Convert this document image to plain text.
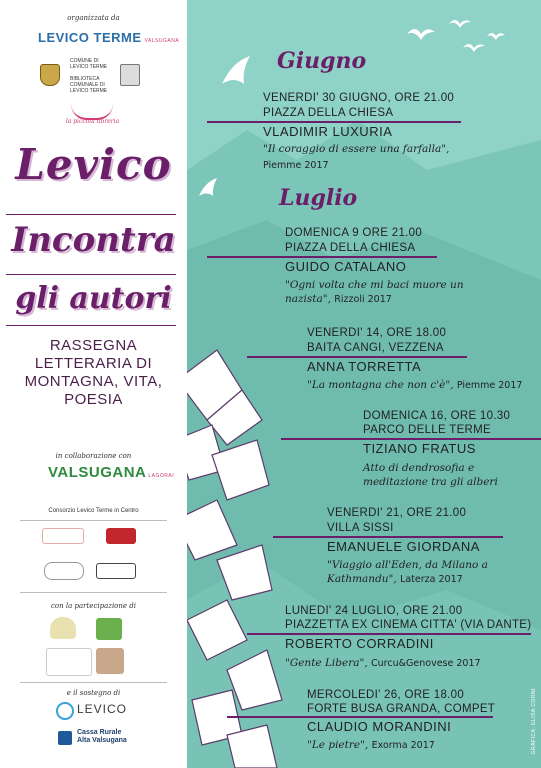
organizzata da
LEVICO TERME VALSUGANA
COMUNE DI
LEVICO TERME
BIBLIOTECA
COMUNALE DI
LEVICO TERME
la piccola libreria
Levico
Incontra
gli autori
RASSEGNA
LETTERARIA DI
MONTAGNA, VITA,
POESIA
in collaborazione con
VALSUGANA LAGORAI
Consorzio Levico Terme in Centro
con la partecipazione di
e il sostegno di
LEVICO
Cassa Rurale
Alta Valsugana
Giugno
VENERDI' 30 GIUGNO, ORE 21.00
PIAZZA DELLA CHIESA
VLADIMIR LUXURIA
"Il coraggio di essere una farfalla",
Piemme 2017
Luglio
DOMENICA 9 ORE 21.00
PIAZZA DELLA CHIESA
GUIDO CATALANO
"Ogni volta che mi baci muore un nazista", Rizzoli 2017
VENERDI' 14, ORE 18.00
BAITA CANGI, VEZZENA
ANNA TORRETTA
"La montagna che non c'è", Piemme 2017
DOMENICA 16, ORE 10.30
PARCO DELLE TERME
TIZIANO FRATUS
Atto di dendrosofia e meditazione tra gli alberi
VENERDI' 21, ORE 21.00
VILLA SISSI
EMANUELE GIORDANA
"Viaggio all'Eden, da Milano a Kathmandu", Laterza 2017
LUNEDI' 24 LUGLIO, ORE 21.00
PIAZZETTA EX CINEMA CITTA' (VIA DANTE)
ROBERTO CORRADINI
"Gente Libera", Curcu&Genovese 2017
MERCOLEDI' 26, ORE 18.00
FORTE BUSA GRANDA, COMPET
CLAUDIO MORANDINI
"Le pietre", Exorma 2017	GRAFICA: ELISA CORNI
